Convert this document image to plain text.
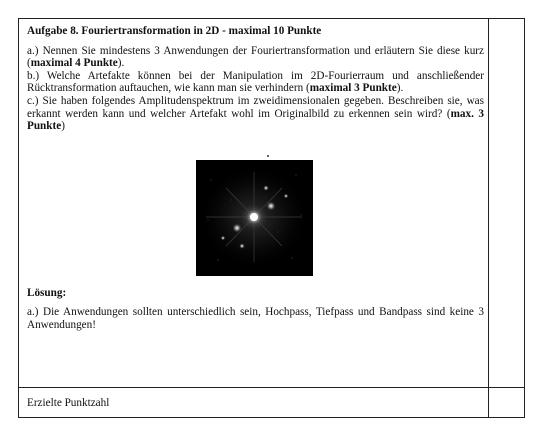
Aufgabe 8. Fouriertransformation in 2D - maximal 10 Punkte

a.) Nennen Sie mindestens 3 Anwendungen der Fouriertransformation und erläutern Sie diese kurz (maximal 4 Punkte).

b.) Welche Artefakte können bei der Manipulation im 2D-Fourierraum und anschließender Rücktransformation auftauchen, wie kann man sie verhindern (maximal 3 Punkte).

c.) Sie haben folgendes Amplitudenspektrum im zweidimensionalen gegeben. Beschreiben sie, was erkannt werden kann und welcher Artefakt wohl im Originalbild zu erkennen sein wird? (max. 3 Punkte)

Lösung:
a.) Die Anwendungen sollten unterschiedlich sein, Hochpass, Tiefpass und Bandpass sind keine 3 Anwendungen!
Erzielte Punktzahl
